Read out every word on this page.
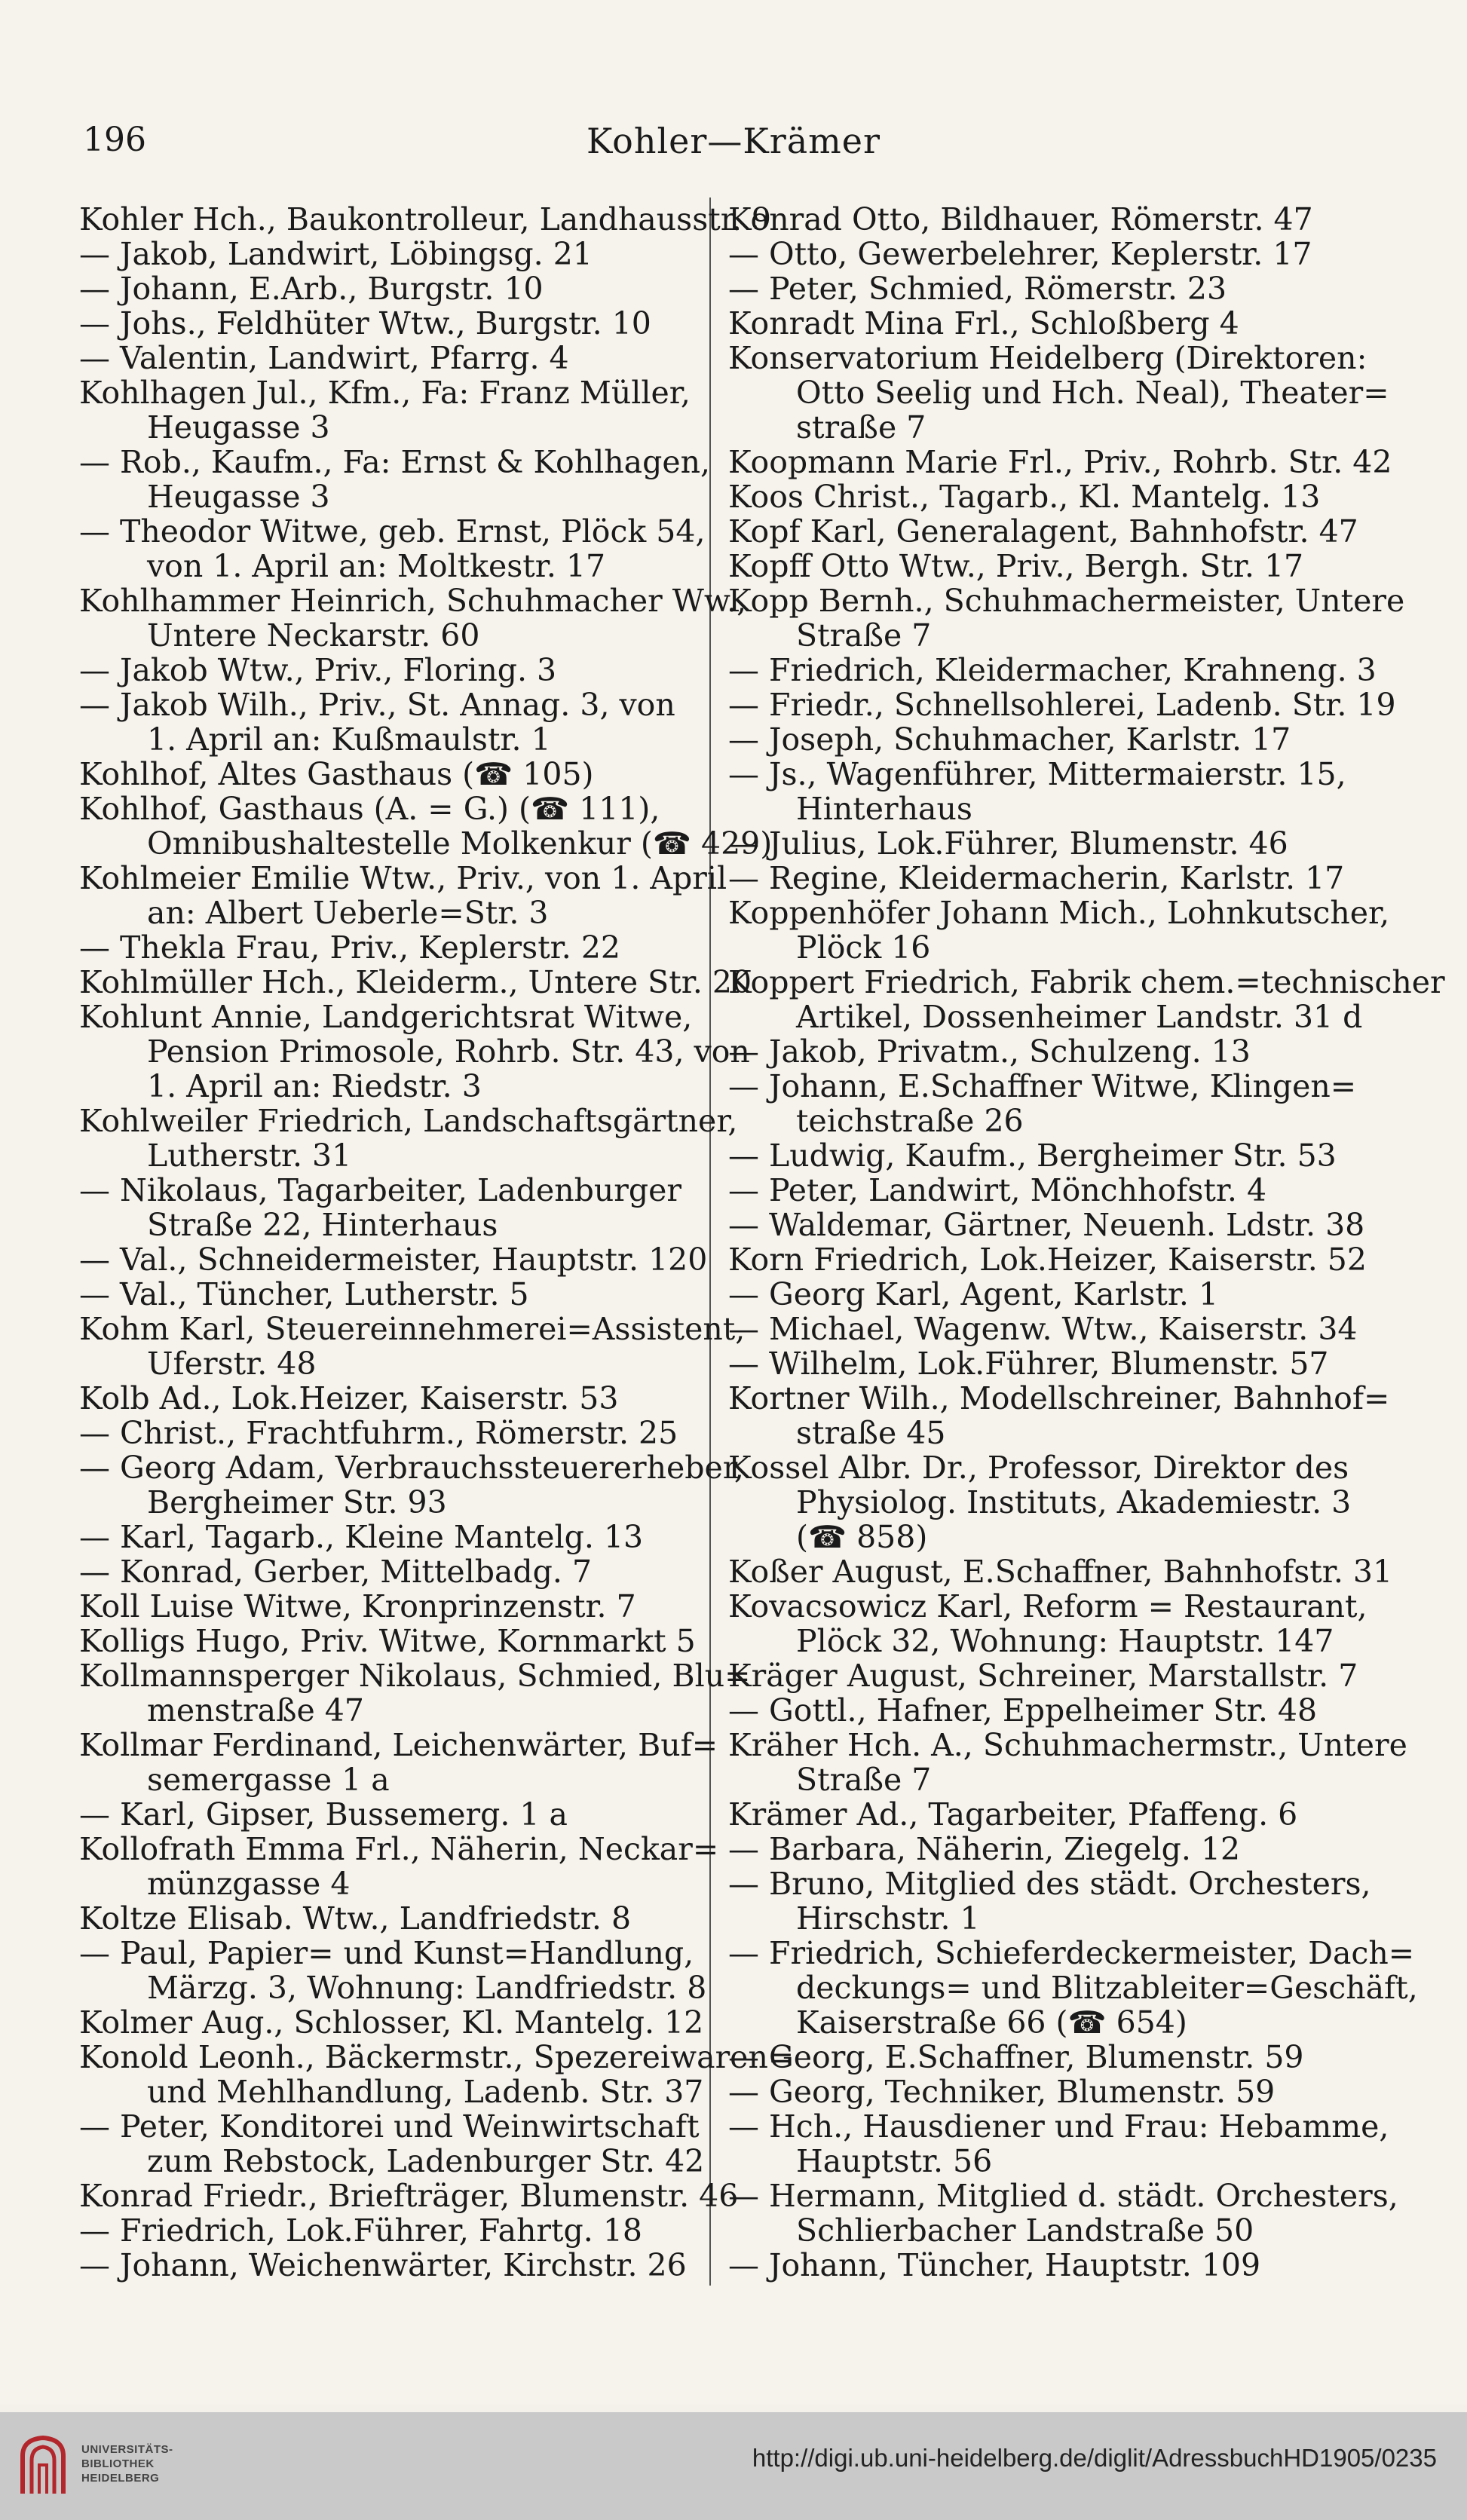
196	Kohler—Krämer
Kohler Hch., Baukontrolleur, Landhausstr. 9
— Jakob, Landwirt, Löbingsg. 21
— Johann, E.Arb., Burgstr. 10
— Johs., Feldhüter Wtw., Burgstr. 10
— Valentin, Landwirt, Pfarrg. 4
Kohlhagen Jul., Kfm., Fa: Franz Müller,
Heugasse 3
— Rob., Kaufm., Fa: Ernst & Kohlhagen,
Heugasse 3
— Theodor Witwe, geb. Ernst, Plöck 54,
von 1. April an: Moltkestr. 17
Kohlhammer Heinrich, Schuhmacher Ww.,
Untere Neckarstr. 60
— Jakob Wtw., Priv., Floring. 3
— Jakob Wilh., Priv., St. Annag. 3, von
1. April an: Kußmaulstr. 1
Kohlhof, Altes Gasthaus (☎ 105)
Kohlhof, Gasthaus (A. = G.) (☎ 111),
Omnibushaltestelle Molkenkur (☎ 429)
Kohlmeier Emilie Wtw., Priv., von 1. April
an: Albert Ueberle=Str. 3
— Thekla Frau, Priv., Keplerstr. 22
Kohlmüller Hch., Kleiderm., Untere Str. 20
Kohlunt Annie, Landgerichtsrat Witwe,
Pension Primosole, Rohrb. Str. 43, von
1. April an: Riedstr. 3
Kohlweiler Friedrich, Landschaftsgärtner,
Lutherstr. 31
— Nikolaus, Tagarbeiter, Ladenburger
Straße 22, Hinterhaus
— Val., Schneidermeister, Hauptstr. 120
— Val., Tüncher, Lutherstr. 5
Kohm Karl, Steuereinnehmerei=Assistent,
Uferstr. 48
Kolb Ad., Lok.Heizer, Kaiserstr. 53
— Christ., Frachtfuhrm., Römerstr. 25
— Georg Adam, Verbrauchssteuererheber,
Bergheimer Str. 93
— Karl, Tagarb., Kleine Mantelg. 13
— Konrad, Gerber, Mittelbadg. 7
Koll Luise Witwe, Kronprinzenstr. 7
Kolligs Hugo, Priv. Witwe, Kornmarkt 5
Kollmannsperger Nikolaus, Schmied, Blu=
menstraße 47
Kollmar Ferdinand, Leichenwärter, Buf=
semergasse 1 a
— Karl, Gipser, Bussemerg. 1 a
Kollofrath Emma Frl., Näherin, Neckar=
münzgasse 4
Koltze Elisab. Wtw., Landfriedstr. 8
— Paul, Papier= und Kunst=Handlung,
Märzg. 3, Wohnung: Landfriedstr. 8
Kolmer Aug., Schlosser, Kl. Mantelg. 12
Konold Leonh., Bäckermstr., Spezereiwaren=
und Mehlhandlung, Ladenb. Str. 37
— Peter, Konditorei und Weinwirtschaft
zum Rebstock, Ladenburger Str. 42
Konrad Friedr., Briefträger, Blumenstr. 46
— Friedrich, Lok.Führer, Fahrtg. 18
— Johann, Weichenwärter, Kirchstr. 26
Konrad Otto, Bildhauer, Römerstr. 47
— Otto, Gewerbelehrer, Keplerstr. 17
— Peter, Schmied, Römerstr. 23
Konradt Mina Frl., Schloßberg 4
Konservatorium Heidelberg (Direktoren:
Otto Seelig und Hch. Neal), Theater=
straße 7
Koopmann Marie Frl., Priv., Rohrb. Str. 42
Koos Christ., Tagarb., Kl. Mantelg. 13
Kopf Karl, Generalagent, Bahnhofstr. 47
Kopff Otto Wtw., Priv., Bergh. Str. 17
Kopp Bernh., Schuhmachermeister, Untere
Straße 7
— Friedrich, Kleidermacher, Krahneng. 3
— Friedr., Schnellsohlerei, Ladenb. Str. 19
— Joseph, Schuhmacher, Karlstr. 17
— Js., Wagenführer, Mittermaierstr. 15,
Hinterhaus
— Julius, Lok.Führer, Blumenstr. 46
— Regine, Kleidermacherin, Karlstr. 17
Koppenhöfer Johann Mich., Lohnkutscher,
Plöck 16
Koppert Friedrich, Fabrik chem.=technischer
Artikel, Dossenheimer Landstr. 31 d
— Jakob, Privatm., Schulzeng. 13
— Johann, E.Schaffner Witwe, Klingen=
teichstraße 26
— Ludwig, Kaufm., Bergheimer Str. 53
— Peter, Landwirt, Mönchhofstr. 4
— Waldemar, Gärtner, Neuenh. Ldstr. 38
Korn Friedrich, Lok.Heizer, Kaiserstr. 52
— Georg Karl, Agent, Karlstr. 1
— Michael, Wagenw. Wtw., Kaiserstr. 34
— Wilhelm, Lok.Führer, Blumenstr. 57
Kortner Wilh., Modellschreiner, Bahnhof=
straße 45
Kossel Albr. Dr., Professor, Direktor des
Physiolog. Instituts, Akademiestr. 3
(☎ 858)
Koßer August, E.Schaffner, Bahnhofstr. 31
Kovacsowicz Karl, Reform = Restaurant,
Plöck 32, Wohnung: Hauptstr. 147
Kräger August, Schreiner, Marstallstr. 7
— Gottl., Hafner, Eppelheimer Str. 48
Kräher Hch. A., Schuhmachermstr., Untere
Straße 7
Krämer Ad., Tagarbeiter, Pfaffeng. 6
— Barbara, Näherin, Ziegelg. 12
— Bruno, Mitglied des städt. Orchesters,
Hirschstr. 1
— Friedrich, Schieferdeckermeister, Dach=
deckungs= und Blitzableiter=Geschäft,
Kaiserstraße 66 (☎ 654)
— Georg, E.Schaffner, Blumenstr. 59
— Georg, Techniker, Blumenstr. 59
— Hch., Hausdiener und Frau: Hebamme,
Hauptstr. 56
— Hermann, Mitglied d. städt. Orchesters,
Schlierbacher Landstraße 50
— Johann, Tüncher, Hauptstr. 109
UNIVERSITÄTS-
BIBLIOTHEK
HEIDELBERG
http://digi.ub.uni-heidelberg.de/diglit/AdressbuchHD1905/0235
